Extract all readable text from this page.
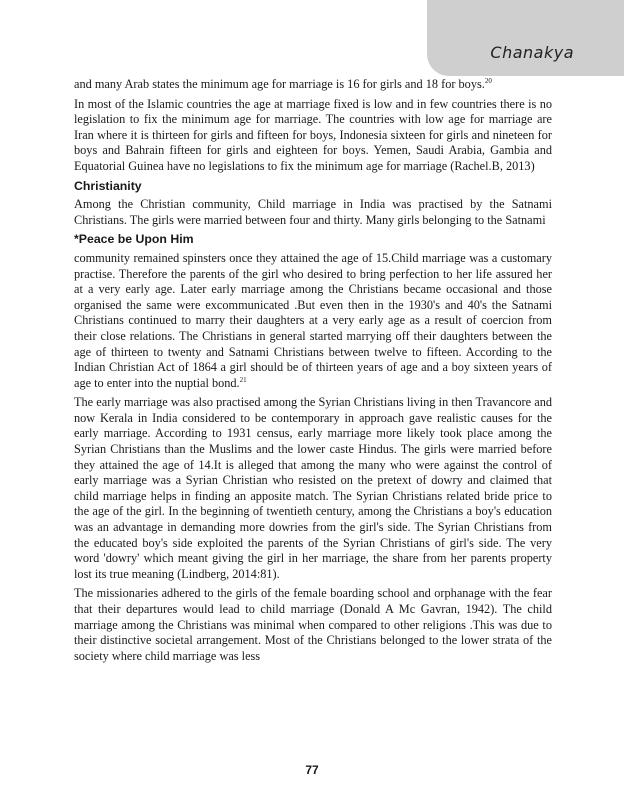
Chanakya

and many Arab states the minimum age for marriage is 16 for girls and 18 for boys.$^{20}$

In most of the Islamic countries the age at marriage fixed is low and in few countries there is no legislation to fix the minimum age for marriage. The countries with low age for marriage are Iran where it is thirteen for girls and fifteen for boys, Indonesia sixteen for girls and nineteen for boys and Bahrain fifteen for girls and eighteen for boys. Yemen, Saudi Arabia, Gambia and Equatorial Guinea have no legislations to fix the minimum age for marriage (Rachel.B, 2013)

Christianity

Among the Christian community, Child marriage in India was practised by the Satnami Christians. The girls were married between four and thirty. Many girls belonging to the Satnami

*Peace be Upon Him

community remained spinsters once they attained the age of 15.Child marriage was a customary practise. Therefore the parents of the girl who desired to bring perfection to her life assured her at a very early age. Later early marriage among the Christians became occasional and those organised the same were excommunicated .But even then in the 1930's and 40's the Satnami Christians continued to marry their daughters at a very early age as a result of coercion from their close relations. The Christians in general started marrying off their daughters between the age of thirteen to twenty and Satnami Christians between twelve to fifteen. According to the Indian Christian Act of 1864 a girl should be of thirteen years of age and a boy sixteen years of age to enter into the nuptial bond.$^{21}$

The early marriage was also practised among the Syrian Christians living in then Travancore and now Kerala in India considered to be contemporary in approach gave realistic causes for the early marriage. According to 1931 census, early marriage more likely took place among the Syrian Christians than the Muslims and the lower caste Hindus. The girls were married before they attained the age of 14.It is alleged that among the many who were against the control of early marriage was a Syrian Christian who resisted on the pretext of dowry and claimed that child marriage helps in finding an apposite match. The Syrian Christians related bride price to the age of the girl. In the beginning of twentieth century, among the Christians a boy's education was an advantage in demanding more dowries from the girl's side. The Syrian Christians from the educated boy's side exploited the parents of the Syrian Christians of girl's side. The very word 'dowry' which meant giving the girl in her marriage, the share from her parents property lost its true meaning (Lindberg, 2014:81).

The missionaries adhered to the girls of the female boarding school and orphanage with the fear that their departures would lead to child marriage (Donald A Mc Gavran, 1942). The child marriage among the Christians was minimal when compared to other religions .This was due to their distinctive societal arrangement. Most of the Christians belonged to the lower strata of the society where child marriage was less

77
